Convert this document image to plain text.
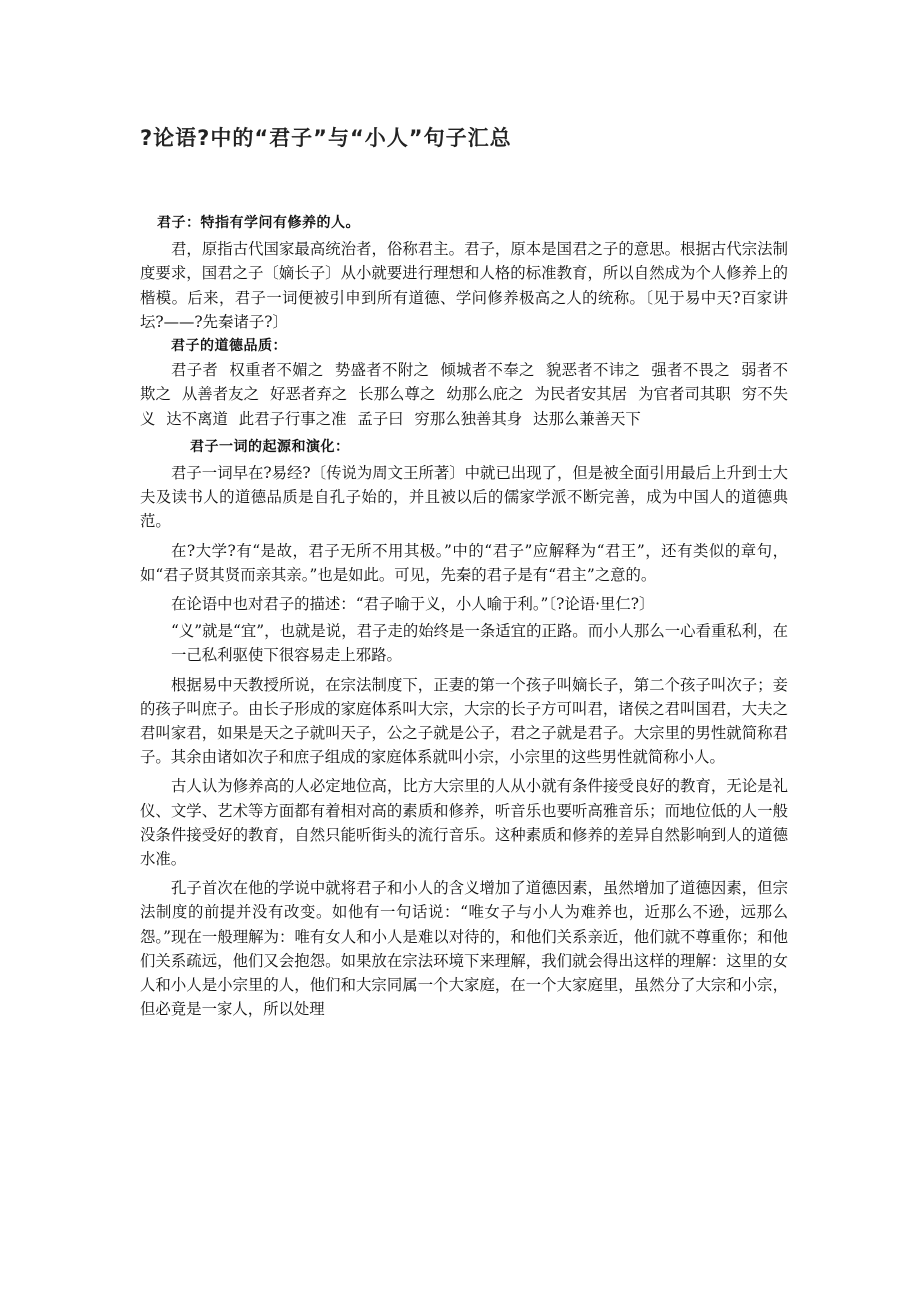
?论语?中的“君子”与“小人”句子汇总

君子：特指有学问有修养的人。

君，原指古代国家最高统治者，俗称君主。君子，原本是国君之子的意思。根据古代宗法制度要求，国君之子〔嫡长子〕从小就要进行理想和人格的标准教育，所以自然成为个人修养上的楷模。后来，君子一词便被引申到所有道德、学问修养极高之人的统称。〔见于易中天?百家讲坛?——?先秦诸子?〕

君子的道德品质：

君子者 权重者不媚之 势盛者不附之 倾城者不奉之 貌恶者不讳之 强者不畏之 弱者不欺之 从善者友之 好恶者弃之 长那么尊之 幼那么庇之 为民者安其居 为官者司其职 穷不失义 达不离道 此君子行事之准 孟子曰 穷那么独善其身 达那么兼善天下

君子一词的起源和演化：

君子一词早在?易经?〔传说为周文王所著〕中就已出现了，但是被全面引用最后上升到士大夫及读书人的道德品质是自孔子始的，并且被以后的儒家学派不断完善，成为中国人的道德典范。

在?大学?有“是故，君子无所不用其极。”中的“君子”应解释为“君王”，还有类似的章句，如“君子贤其贤而亲其亲。”也是如此。可见，先秦的君子是有“君主”之意的。

在论语中也对君子的描述：“君子喻于义，小人喻于利。”〔?论语·里仁?〕

“义”就是“宜”，也就是说，君子走的始终是一条适宜的正路。而小人那么一心看重私利，在一己私利驱使下很容易走上邪路。

根据易中天教授所说，在宗法制度下，正妻的第一个孩子叫嫡长子，第二个孩子叫次子；妾的孩子叫庶子。由长子形成的家庭体系叫大宗，大宗的长子方可叫君，诸侯之君叫国君，大夫之君叫家君，如果是天之子就叫天子，公之子就是公子，君之子就是君子。大宗里的男性就简称君子。其余由诸如次子和庶子组成的家庭体系就叫小宗，小宗里的这些男性就简称小人。

古人认为修养高的人必定地位高，比方大宗里的人从小就有条件接受良好的教育，无论是礼仪、文学、艺术等方面都有着相对高的素质和修养，听音乐也要听高雅音乐；而地位低的人一般没条件接受好的教育，自然只能听街头的流行音乐。这种素质和修养的差异自然影响到人的道德水准。

孔子首次在他的学说中就将君子和小人的含义增加了道德因素，虽然增加了道德因素，但宗法制度的前提并没有改变。如他有一句话说：“唯女子与小人为难养也，近那么不逊，远那么怨。”现在一般理解为：唯有女人和小人是难以对待的，和他们关系亲近，他们就不尊重你；和他们关系疏远，他们又会抱怨。如果放在宗法环境下来理解，我们就会得出这样的理解：这里的女人和小人是小宗里的人，他们和大宗同属一个大家庭，在一个大家庭里，虽然分了大宗和小宗，但必竟是一家人，所以处理
